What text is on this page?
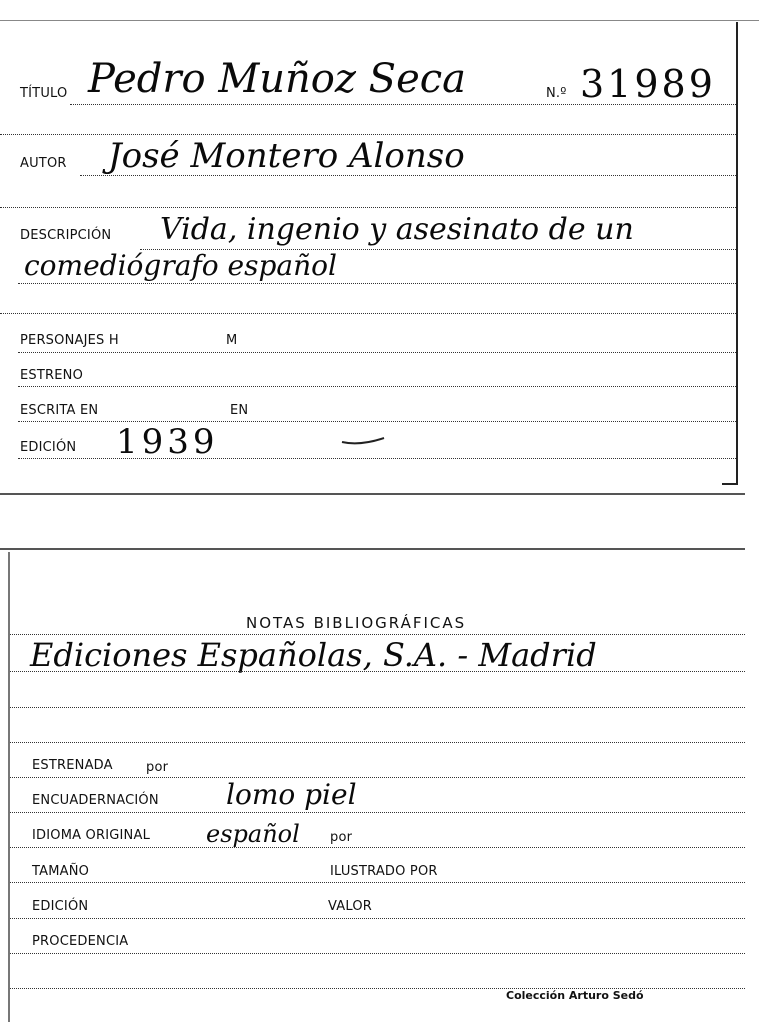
TÍTULO Pedro Muñoz Seca	N.º 31989
AUTOR José Montero Alonso
DESCRIPCIÓN Vida, ingenio y asesinato de un
comediógrafo español
PERSONAJES H	M
ESTRENO
ESCRITA EN	EN
EDICIÓN 1939
NOTAS BIBLIOGRÁFICAS
Ediciones Españolas, S.A. - Madrid
ESTRENADA	por
ENCUADERNACIÓN lomo piel
IDIOMA ORIGINAL español por
TAMAÑO	ILUSTRADO POR
EDICIÓN	VALOR
PROCEDENCIA
Colección Arturo Sedó
